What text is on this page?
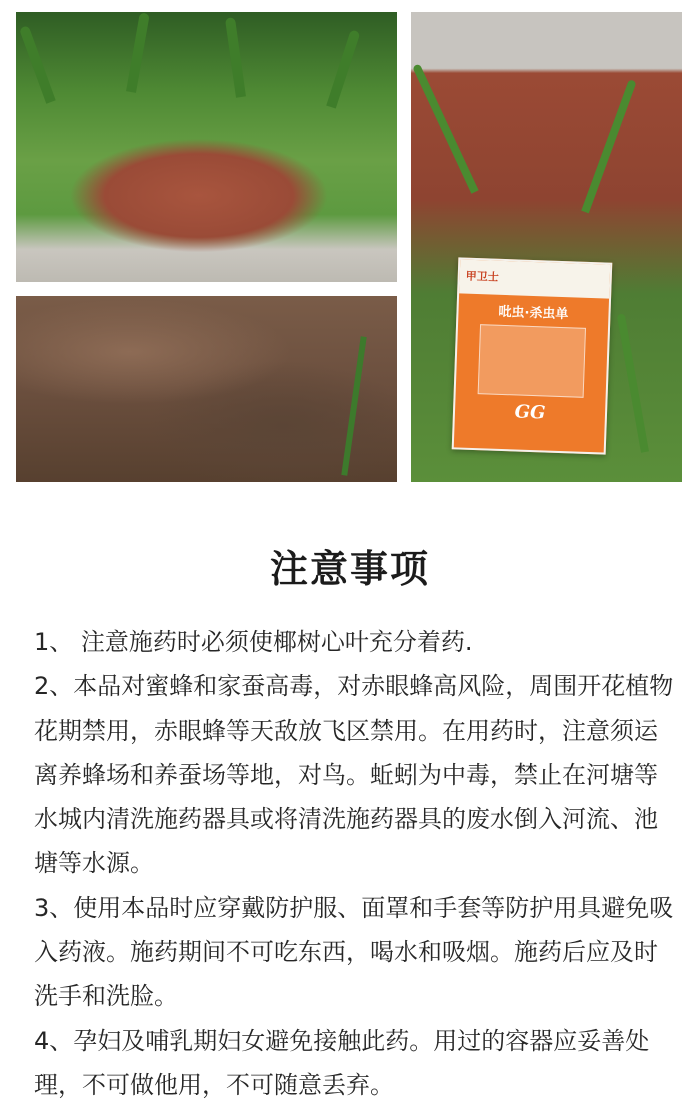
甲卫士
吡虫·杀虫单
GG
注意事项

1、 注意施药时必须使椰树心叶充分着药.

2、本品对蜜蜂和家蚕高毒，对赤眼蜂高风险，周围开花植物花期禁用，赤眼蜂等天敌放飞区禁用。在用药时，注意须运离养蜂场和养蚕场等地，对鸟。蚯蚓为中毒，禁止在河塘等水城内清洗施药器具或将清洗施药器具的废水倒入河流、池塘等水源。

3、使用本品时应穿戴防护服、面罩和手套等防护用具避免吸入药液。施药期间不可吃东西，喝水和吸烟。施药后应及时洗手和洗脸。

4、孕妇及哺乳期妇女避免接触此药。用过的容器应妥善处理，不可做他用，不可随意丢弃。
